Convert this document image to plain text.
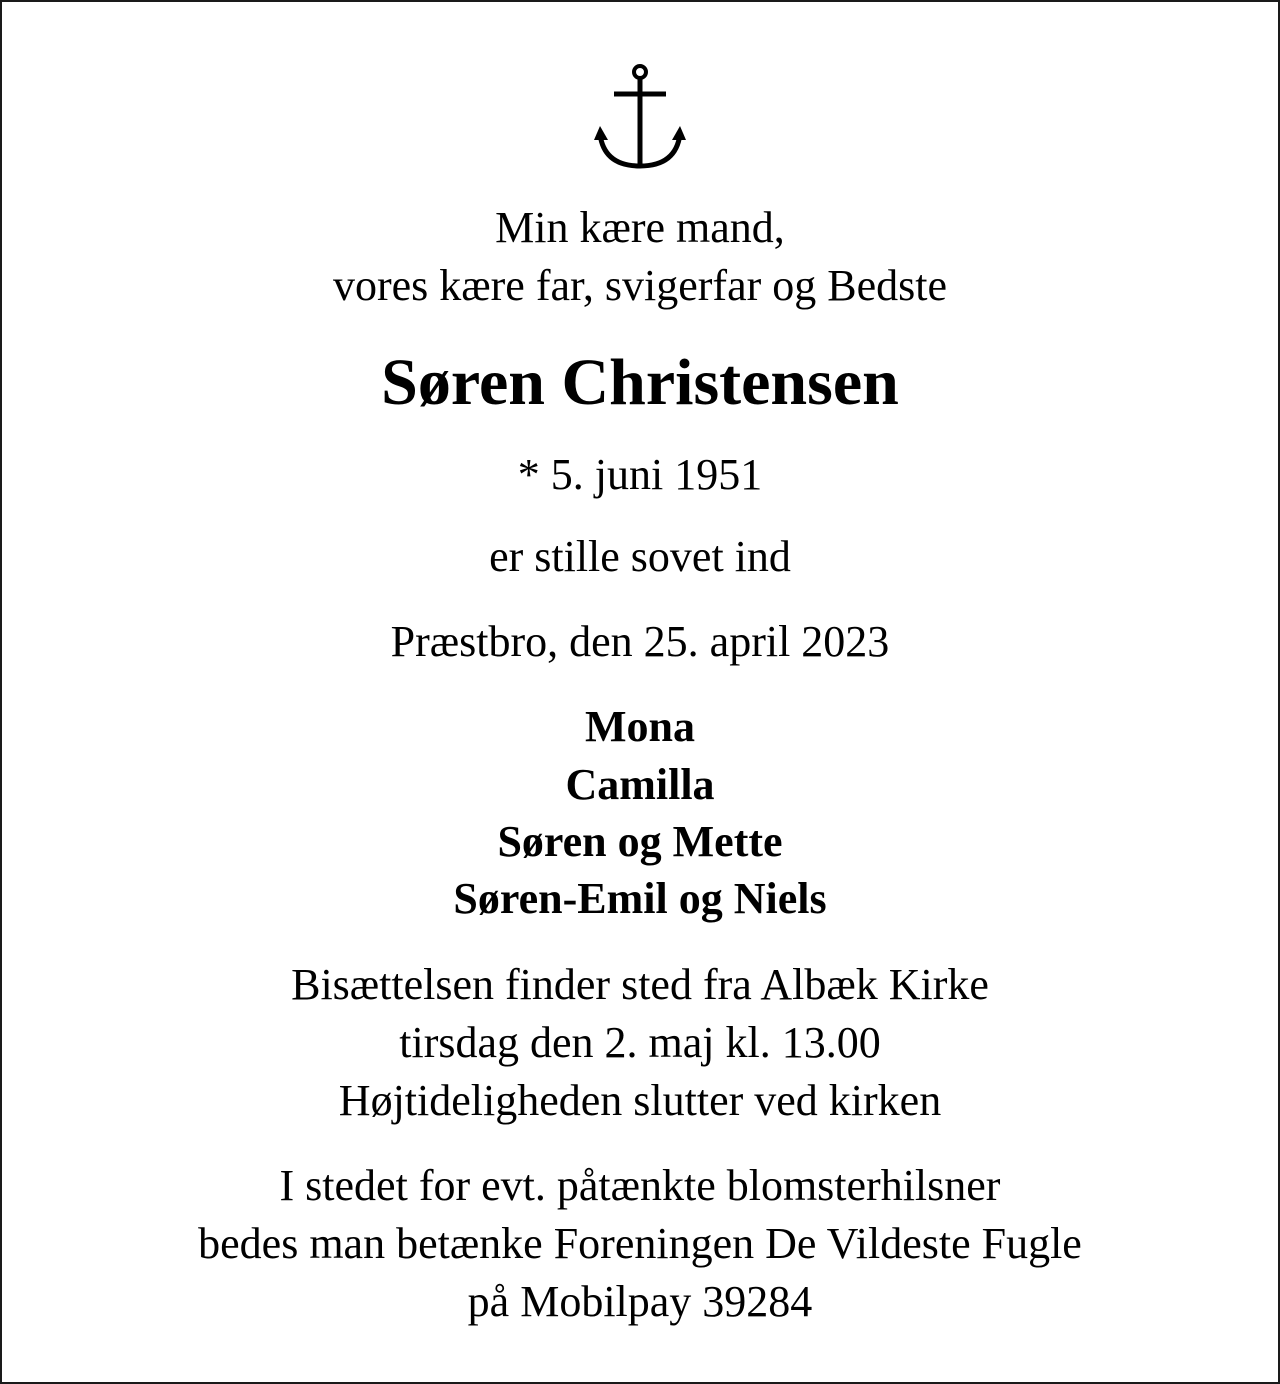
Min kære mand,
vores kære far, svigerfar og Bedste
Søren Christensen
* 5. juni 1951
er stille sovet ind
Præstbro, den 25. april 2023
Mona
Camilla
Søren og Mette
Søren-Emil og Niels
Bisættelsen finder sted fra Albæk Kirke
tirsdag den 2. maj kl. 13.00
Højtideligheden slutter ved kirken
I stedet for evt. påtænkte blomsterhilsner
bedes man betænke Foreningen De Vildeste Fugle
på Mobilpay 39284
